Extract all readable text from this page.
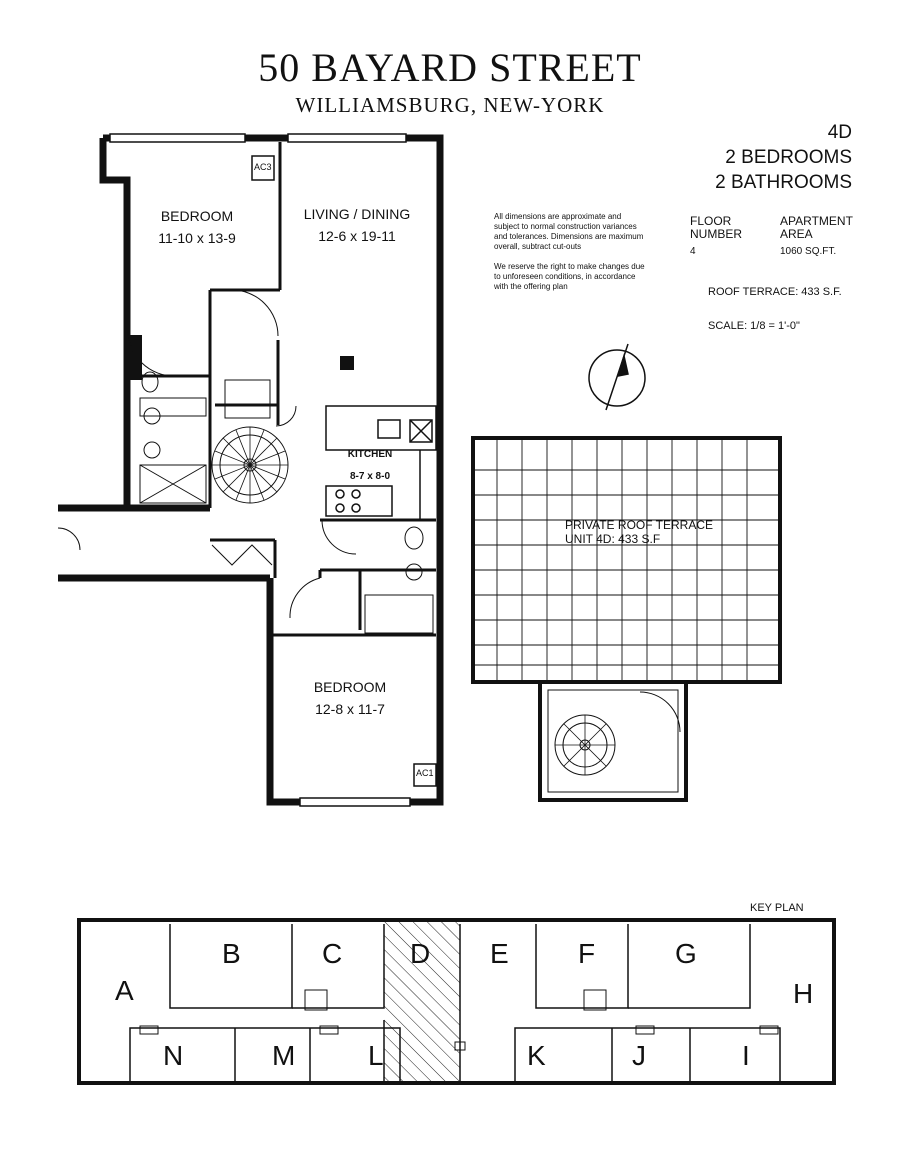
50 BAYARD STREET
WILLIAMSBURG, NEW-YORK
4D
2 BEDROOMS
2 BATHROOMS

All dimensions are approximate and subject to normal construction variances and tolerances. Dimensions are maximum overall, subtract cut-outs

We reserve the right to make changes due to unforeseen conditions, in accordance with the offering plan

FLOOR
NUMBER
4
APARTMENT
AREA
1060 SQ.FT.
ROOF TERRACE: 433 S.F.
SCALE: 1/8 = 1'-0"
BEDROOM
11-10 x 13-9
LIVING / DINING
12-6 x 19-11
KITCHEN
8-7 x 8-0
BEDROOM
12-8 x 11-7
AC3
AC1
PRIVATE ROOF TERRACE
UNIT 4D: 433 S.F
KEY PLAN
A
B	C D E F	G
H
N	M	L	K	J	I
